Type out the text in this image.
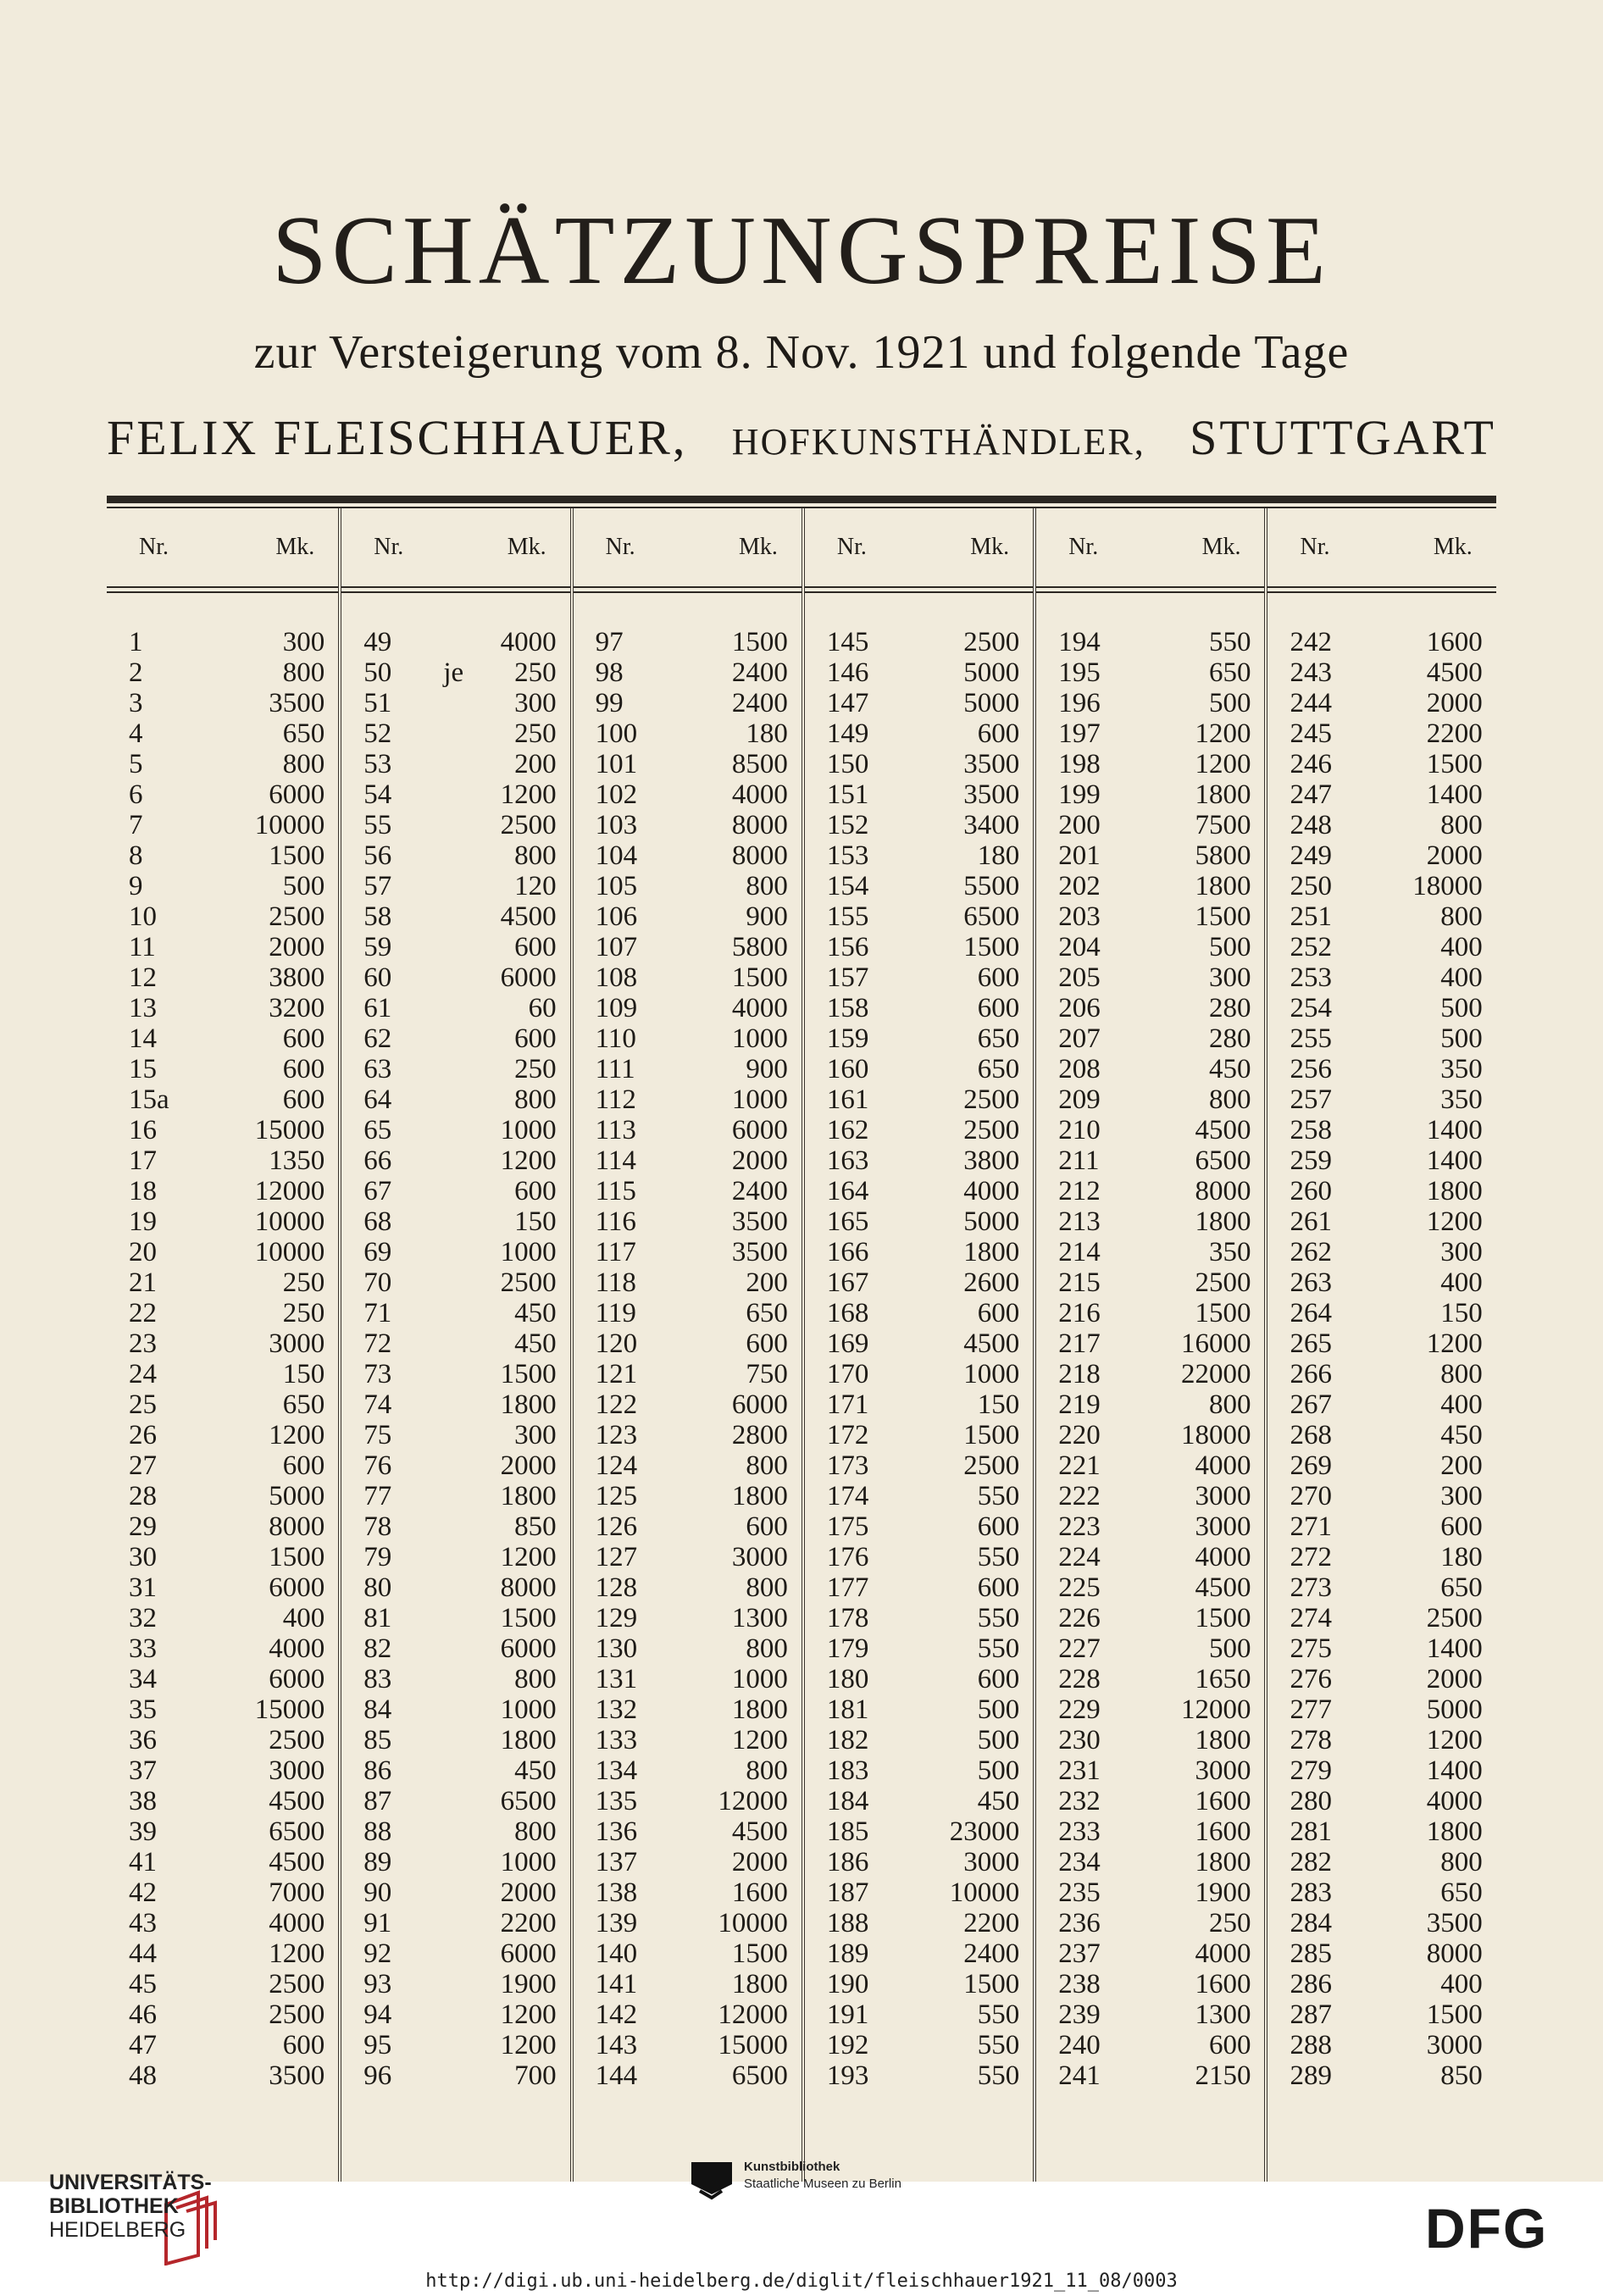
SCHÄTZUNGSPREISE
zur Versteigerung vom 8. Nov. 1921 und folgende Tage
FELIX FLEISCHHAUER, HOFKUNSTHÄNDLER, STUTTGART
Nr.	Mk.
1	300
2	800
3	3500
4	650
5	800
6	6000
7	10000
8	1500
9	500
10	2500
11	2000
12	3800
13	3200
14	600
15	600
15a	600
16	15000
17	1350
18	12000
19	10000
20	10000
21	250
22	250
23	3000
24	150
25	650
26	1200
27	600
28	5000
29	8000
30	1500
31	6000
32	400
33	4000
34	6000
35	15000
36	2500
37	3000
38	4500
39	6500
41	4500
42	7000
43	4000
44	1200
45	2500
46	2500
47	600
48	3500
Nr.	Mk.
49	4000
50	je	250
51	300
52	250
53	200
54	1200
55	2500
56	800
57	120
58	4500
59	600
60	6000
61	60
62	600
63	250
64	800
65	1000
66	1200
67	600
68	150
69	1000
70	2500
71	450
72	450
73	1500
74	1800
75	300
76	2000
77	1800
78	850
79	1200
80	8000
81	1500
82	6000
83	800
84	1000
85	1800
86	450
87	6500
88	800
89	1000
90	2000
91	2200
92	6000
93	1900
94	1200
95	1200
96	700
Nr.	Mk.
97	1500
98	2400
99	2400
100	180
101	8500
102	4000
103	8000
104	8000
105	800
106	900
107	5800
108	1500
109	4000
110	1000
111	900
112	1000
113	6000
114	2000
115	2400
116	3500
117	3500
118	200
119	650
120	600
121	750
122	6000
123	2800
124	800
125	1800
126	600
127	3000
128	800
129	1300
130	800
131	1000
132	1800
133	1200
134	800
135	12000
136	4500
137	2000
138	1600
139	10000
140	1500
141	1800
142	12000
143	15000
144	6500
Nr.	Mk.
145	2500
146	5000
147	5000
149	600
150	3500
151	3500
152	3400
153	180
154	5500
155	6500
156	1500
157	600
158	600
159	650
160	650
161	2500
162	2500
163	3800
164	4000
165	5000
166	1800
167	2600
168	600
169	4500
170	1000
171	150
172	1500
173	2500
174	550
175	600
176	550
177	600
178	550
179	550
180	600
181	500
182	500
183	500
184	450
185	23000
186	3000
187	10000
188	2200
189	2400
190	1500
191	550
192	550
193	550
Nr.	Mk.
194	550
195	650
196	500
197	1200
198	1200
199	1800
200	7500
201	5800
202	1800
203	1500
204	500
205	300
206	280
207	280
208	450
209	800
210	4500
211	6500
212	8000
213	1800
214	350
215	2500
216	1500
217	16000
218	22000
219	800
220	18000
221	4000
222	3000
223	3000
224	4000
225	4500
226	1500
227	500
228	1650
229	12000
230	1800
231	3000
232	1600
233	1600
234	1800
235	1900
236	250
237	4000
238	1600
239	1300
240	600
241	2150
Nr.	Mk.
242	1600
243	4500
244	2000
245	2200
246	1500
247	1400
248	800
249	2000
250	18000
251	800
252	400
253	400
254	500
255	500
256	350
257	350
258	1400
259	1400
260	1800
261	1200
262	300
263	400
264	150
265	1200
266	800
267	400
268	450
269	200
270	300
271	600
272	180
273	650
274	2500
275	1400
276	2000
277	5000
278	1200
279	1400
280	4000
281	1800
282	800
283	650
284	3500
285	8000
286	400
287	1500
288	3000
289	850
UNIVERSITÄTS-
BIBLIOTHEK
HEIDELBERG
Kunstbibliothek
Staatliche Museen zu Berlin
DFG
http://digi.ub.uni-heidelberg.de/diglit/fleischhauer1921_11_08/0003
